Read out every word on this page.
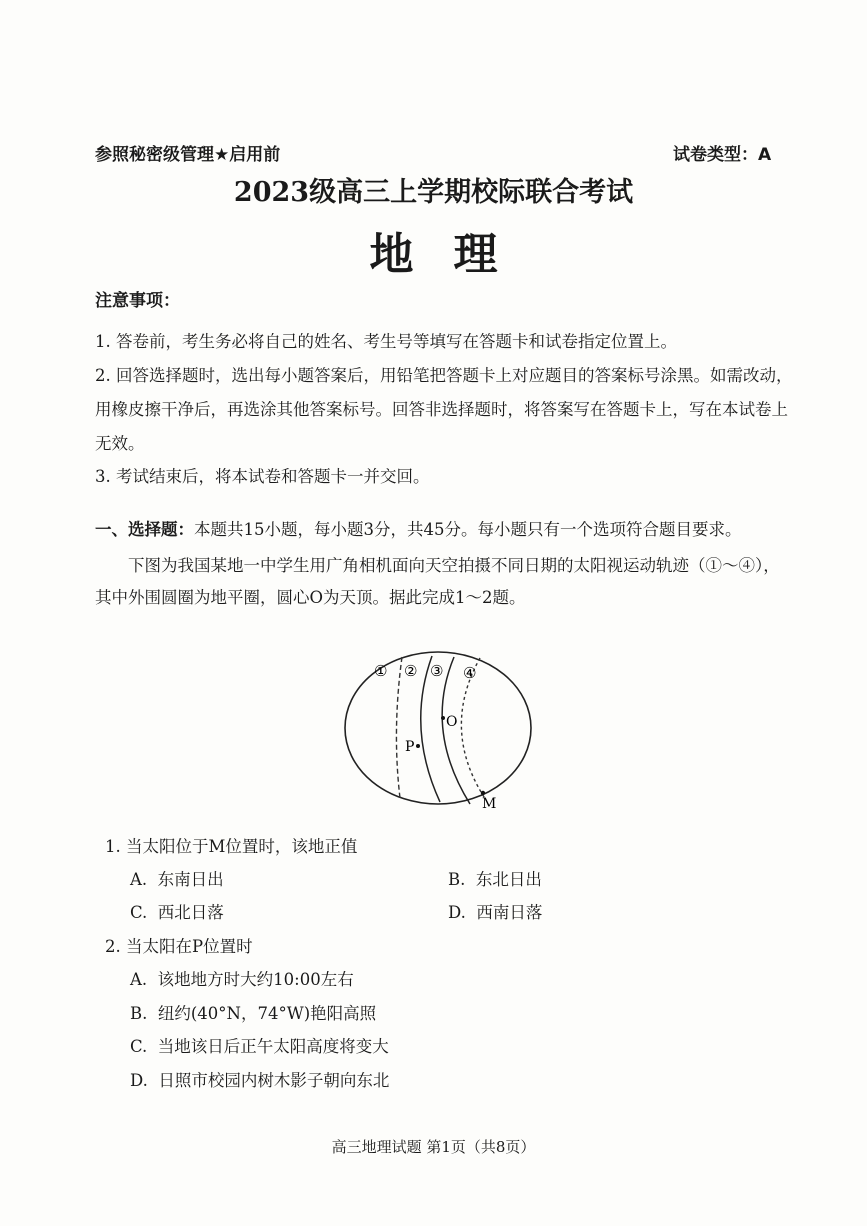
参照秘密级管理★启用前	试卷类型：A
2023级高三上学期校际联合考试
地理
注意事项：
1. 答卷前，考生务必将自己的姓名、考生号等填写在答题卡和试卷指定位置上。
2. 回答选择题时，选出每小题答案后，用铅笔把答题卡上对应题目的答案标号涂黑。如需改动，用橡皮擦干净后，再选涂其他答案标号。回答非选择题时，将答案写在答题卡上，写在本试卷上无效。
3. 考试结束后，将本试卷和答题卡一并交回。
一、选择题：本题共15小题，每小题3分，共45分。每小题只有一个选项符合题目要求。
下图为我国某地一中学生用广角相机面向天空拍摄不同日期的太阳视运动轨迹（①～④），其中外围圆圈为地平圈，圆心O为天顶。据此完成1～2题。
① ② ③ ④
O
P
M
1. 当太阳位于M位置时，该地正值
A. 东南日出	B. 东北日出
C. 西北日落	D. 西南日落
2. 当太阳在P位置时
A. 该地地方时大约10:00左右
B. 纽约(40°N，74°W)艳阳高照
C. 当地该日后正午太阳高度将变大
D. 日照市校园内树木影子朝向东北
高三地理试题 第1页（共8页）
